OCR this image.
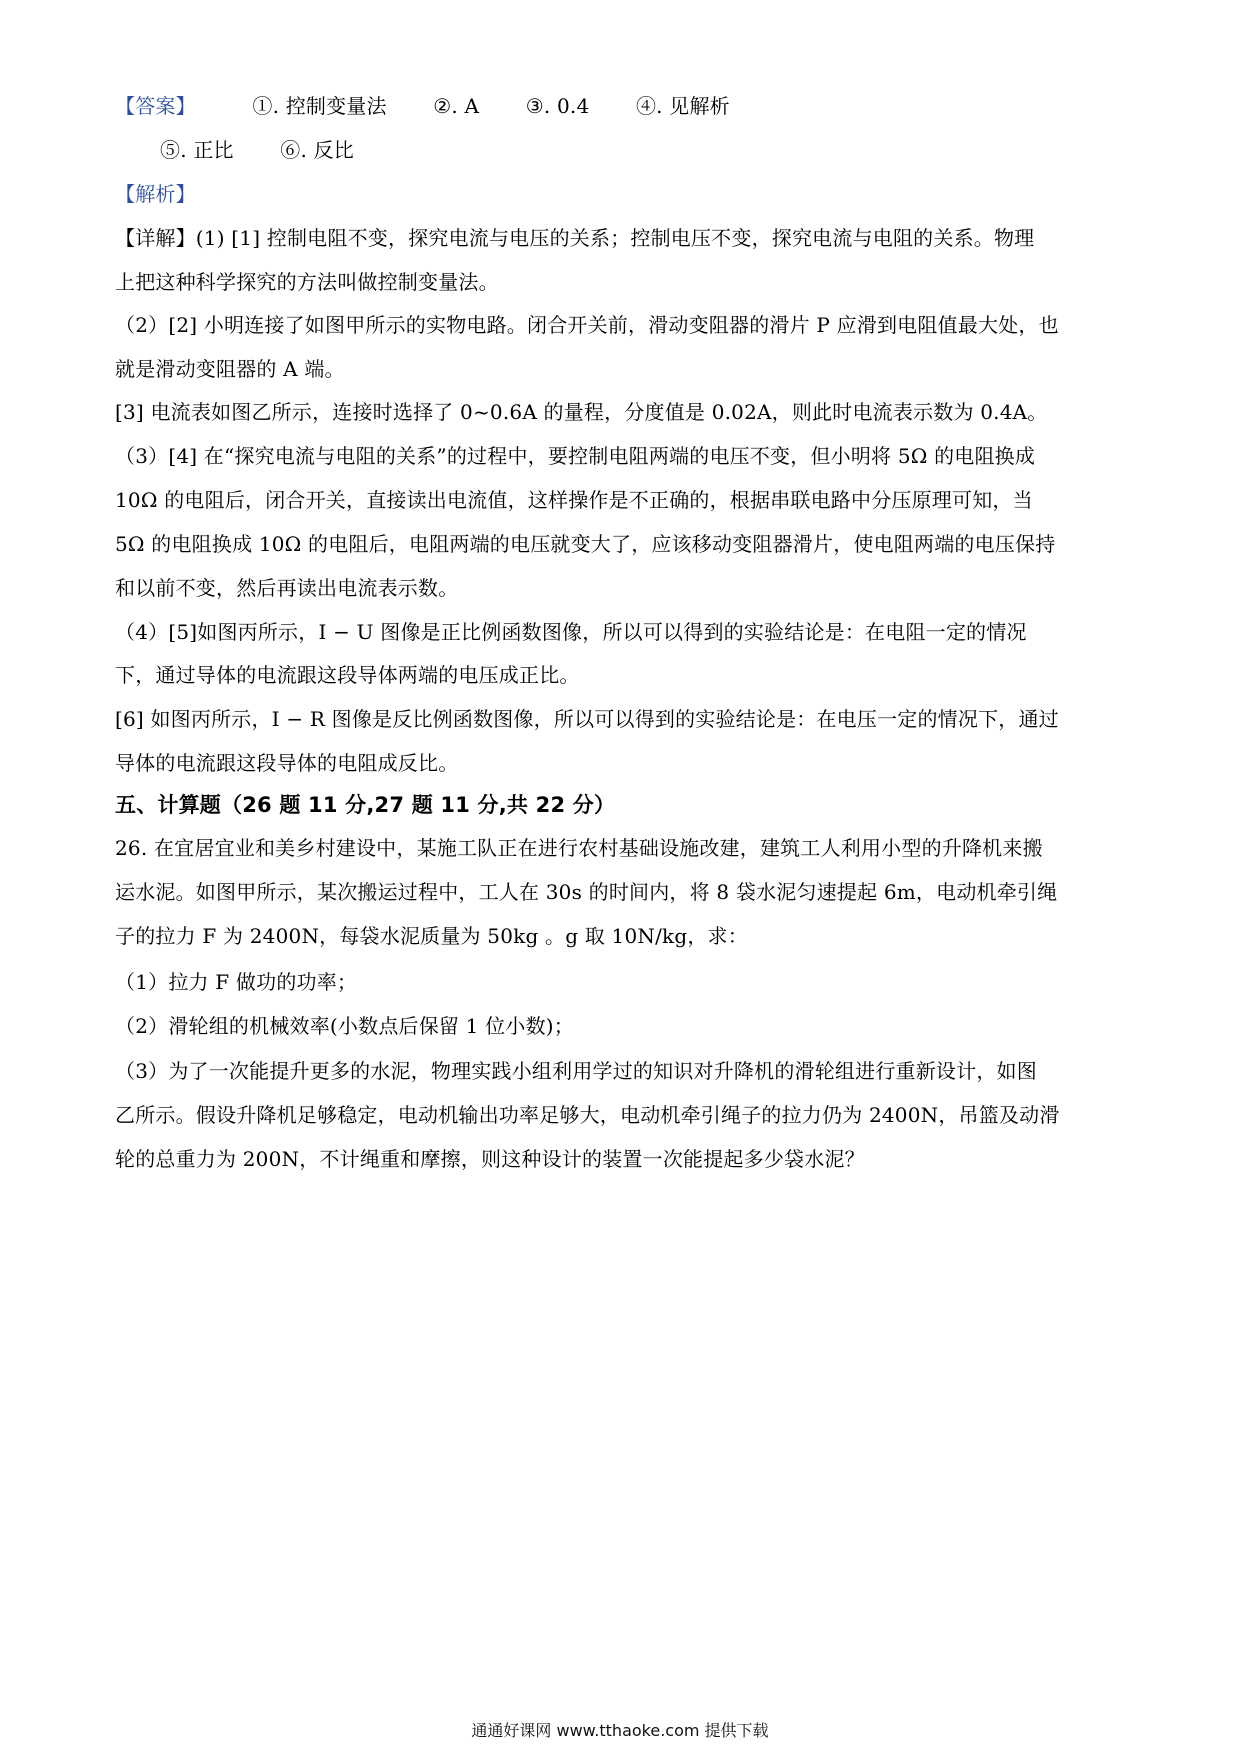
【答案】	①. 控制变量法 ②. A ③. 0.4 ④. 见解析
⑤. 正比 ⑥. 反比
【解析】
【详解】(1) [1] 控制电阻不变，探究电流与电压的关系；控制电压不变，探究电流与电阻的关系。物理
上把这种科学探究的方法叫做控制变量法。
（2）[2] 小明连接了如图甲所示的实物电路。闭合开关前，滑动变阻器的滑片 P 应滑到电阻值最大处，也
就是滑动变阻器的 A 端。
[3] 电流表如图乙所示，连接时选择了 0~0.6A 的量程，分度值是 0.02A，则此时电流表示数为 0.4A。
（3）[4] 在“探究电流与电阻的关系”的过程中，要控制电阻两端的电压不变，但小明将 5Ω 的电阻换成
10Ω 的电阻后，闭合开关，直接读出电流值，这样操作是不正确的，根据串联电路中分压原理可知，当
5Ω 的电阻换成 10Ω 的电阻后，电阻两端的电压就变大了，应该移动变阻器滑片，使电阻两端的电压保持
和以前不变，然后再读出电流表示数。
（4）[5]如图丙所示，I − U 图像是正比例函数图像，所以可以得到的实验结论是：在电阻一定的情况
下，通过导体的电流跟这段导体两端的电压成正比。
[6] 如图丙所示，I − R 图像是反比例函数图像，所以可以得到的实验结论是：在电压一定的情况下，通过
导体的电流跟这段导体的电阻成反比。
五、计算题（26 题 11 分,27 题 11 分,共 22 分）
26. 在宜居宜业和美乡村建设中，某施工队正在进行农村基础设施改建，建筑工人利用小型的升降机来搬
运水泥。如图甲所示，某次搬运过程中，工人在 30s 的时间内，将 8 袋水泥匀速提起 6m，电动机牵引绳
子的拉力 F 为 2400N，每袋水泥质量为 50kg 。g 取 10N/kg，求：
（1）拉力 F 做功的功率；
（2）滑轮组的机械效率(小数点后保留 1 位小数)；
（3）为了一次能提升更多的水泥，物理实践小组利用学过的知识对升降机的滑轮组进行重新设计，如图
乙所示。假设升降机足够稳定，电动机输出功率足够大，电动机牵引绳子的拉力仍为 2400N，吊篮及动滑
轮的总重力为 200N，不计绳重和摩擦，则这种设计的装置一次能提起多少袋水泥？
通通好课网 www.tthaoke.com 提供下载
